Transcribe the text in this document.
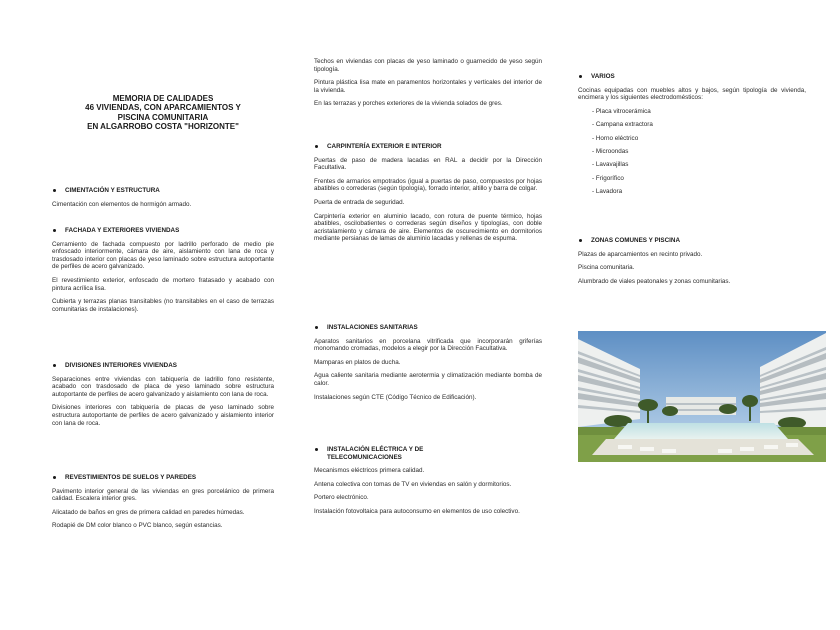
MEMORIA DE CALIDADES
46 VIVIENDAS, CON APARCAMIENTOS Y
PISCINA COMUNITARIA
EN ALGARROBO COSTA "HORIZONTE"
CIMENTACIÓN Y ESTRUCTURA

Cimentación con elementos de hormigón armado.

FACHADA Y EXTERIORES VIVIENDAS

Cerramiento de fachada compuesto por ladrillo perforado de medio pie enfoscado interiormente, cámara de aire, aislamiento con lana de roca y trasdosado interior con placas de yeso laminado sobre estructura autoportante de perfiles de acero galvanizado.

El revestimiento exterior, enfoscado de mortero fratasado y acabado con pintura acrílica lisa.

Cubierta y terrazas planas transitables (no transitables en el caso de terrazas comunitarias de instalaciones).

DIVISIONES INTERIORES VIVIENDAS

Separaciones entre viviendas con tabiquería de ladrillo fono resistente, acabado con trasdosado de placa de yeso laminado sobre estructura autoportante de perfiles de acero galvanizado y aislamiento con lana de roca.

Divisiones interiores con tabiquería de placas de yeso laminado sobre estructura autoportante de perfiles de acero galvanizado y aislamiento interior con lana de roca.

REVESTIMIENTOS DE SUELOS Y PAREDES

Pavimento interior general de las viviendas en gres porcelánico de primera calidad. Escalera interior gres.

Alicatado de baños en gres de primera calidad en paredes húmedas.

Rodapié de DM color blanco o PVC blanco, según estancias.

Techos en viviendas con placas de yeso laminado o guarnecido de yeso según tipología.

Pintura plástica lisa mate en paramentos horizontales y verticales del interior de la vivienda.

En las terrazas y porches exteriores de la vivienda solados de gres.

CARPINTERÍA EXTERIOR E INTERIOR

Puertas de paso de madera lacadas en RAL a decidir por la Dirección Facultativa.

Frentes de armarios empotrados (igual a puertas de paso, compuestos por hojas abatibles o correderas (según tipología), forrado interior, altillo y barra de colgar.

Puerta de entrada de seguridad.

Carpintería exterior en aluminio lacado, con rotura de puente térmico, hojas abatibles, oscilobatientes o correderas según diseños y tipologías, con doble acristalamiento y cámara de aire. Elementos de oscurecimiento en dormitorios mediante persianas de lamas de aluminio lacadas y rellenas de espuma.

INSTALACIONES SANITARIAS

Aparatos sanitarios en porcelana vitrificada que incorporarán griferías monomando cromadas, modelos a elegir por la Dirección Facultativa.

Mamparas en platos de ducha.

Agua caliente sanitaria mediante aerotermia y climatización mediante bomba de calor.

Instalaciones según CTE (Código Técnico de Edificación).

INSTALACIÓN ELÉCTRICA Y DE
TELECOMUNICACIONES

Mecanismos eléctricos primera calidad.

Antena colectiva con tomas de TV en viviendas en salón y dormitorios.

Portero electrónico.

Instalación fotovoltaica para autoconsumo en elementos de uso colectivo.

VARIOS

Cocinas equipadas con muebles altos y bajos, según tipología de vivienda, encimera y los siguientes electrodomésticos:

- Placa vitrocerámica
- Campana extractora
- Horno eléctrico
- Microondas
- Lavavajillas
- Frigorífico
- Lavadora
ZONAS COMUNES Y PISCINA

Plazas de aparcamientos en recinto privado.

Piscina comunitaria.

Alumbrado de viales peatonales y zonas comunitarias.
